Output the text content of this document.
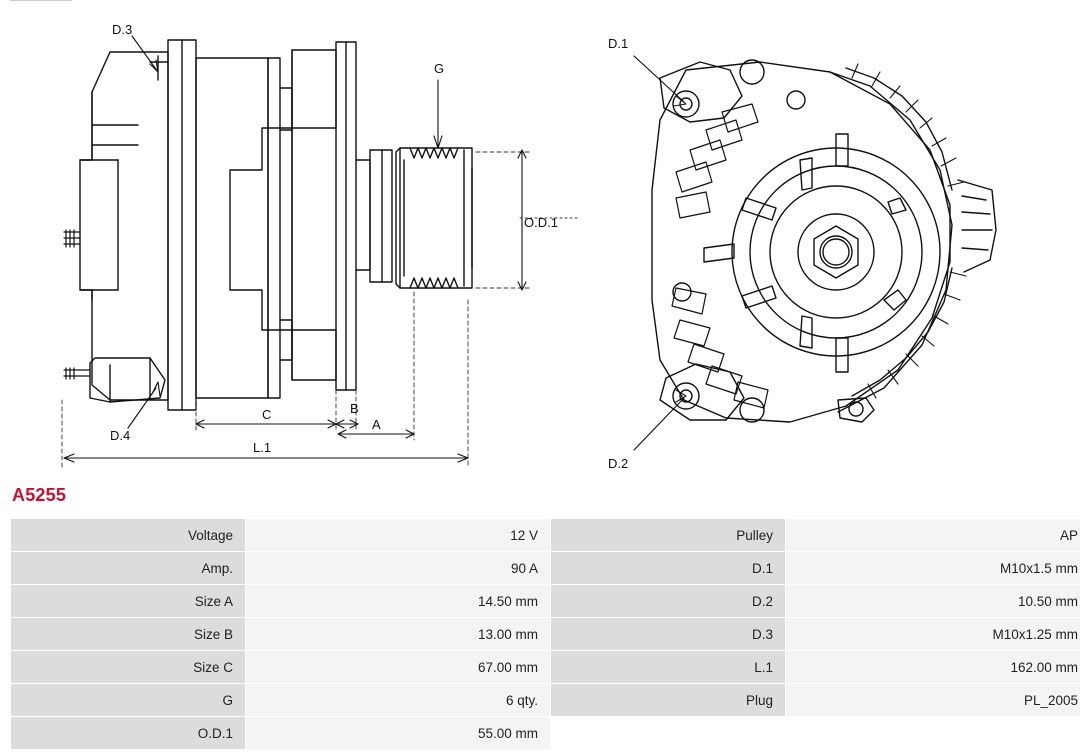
D.3
G
O.D.1
D.4
C	B
A
L.1
D.1
D.2
A5255
Voltage	12 V	Pulley	AP
Amp.	90 A	D.1	M10x1.5 mm
Size A	14.50 mm	D.2	10.50 mm
Size B	13.00 mm	D.3	M10x1.25 mm
Size C	67.00 mm	L.1	162.00 mm
G	6 qty.	Plug	PL_2005
O.D.1	55.00 mm		
